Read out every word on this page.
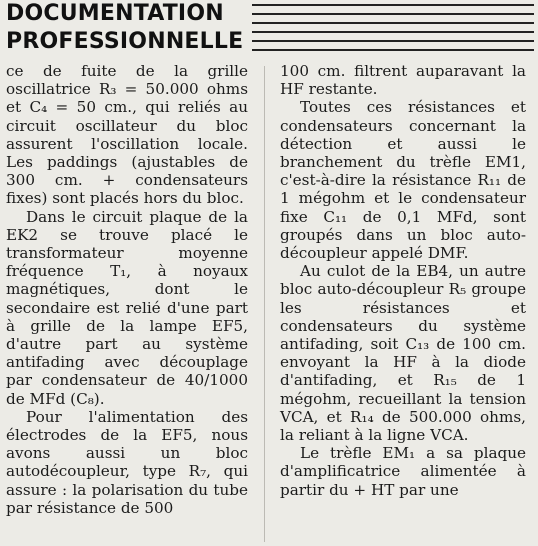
DOCUMENTATION
PROFESSIONNELLE

ce de fuite de la grille oscillatrice R₃ = 50.000 ohms et C₄ = 50 cm., qui reliés au circuit oscillateur du bloc assurent l'oscillation locale. Les paddings (ajustables de 300 cm. + condensateurs fixes) sont placés hors du bloc.

Dans le circuit plaque de la EK2 se trouve placé le transformateur moyenne fréquence T₁, à noyaux magnétiques, dont le secondaire est relié d'une part à grille de la lampe EF5, d'autre part au système antifading avec découplage par condensateur de 40/1000 de MFd (C₈).

Pour l'alimentation des électrodes de la EF5, nous avons aussi un bloc autodécoupleur, type R₇, qui assure : la polarisation du tube par résistance de 500

100 cm. filtrent auparavant la HF restante.

Toutes ces résistances et condensateurs concernant la détection et aussi le branchement du trèfle EM1, c'est-à-dire la résistance R₁₁ de 1 mégohm et le condensateur fixe C₁₁ de 0,1 MFd, sont groupés dans un bloc auto-découpleur appelé DMF.

Au culot de la EB4, un autre bloc auto-découpleur R₅ groupe les résistances et condensateurs du système antifading, soit C₁₃ de 100 cm. envoyant la HF à la diode d'antifading, et R₁₅ de 1 mégohm, recueillant la tension VCA, et R₁₄ de 500.000 ohms, la reliant à la ligne VCA.

Le trèfle EM₁ a sa plaque d'amplificatrice alimentée à partir du + HT par une
